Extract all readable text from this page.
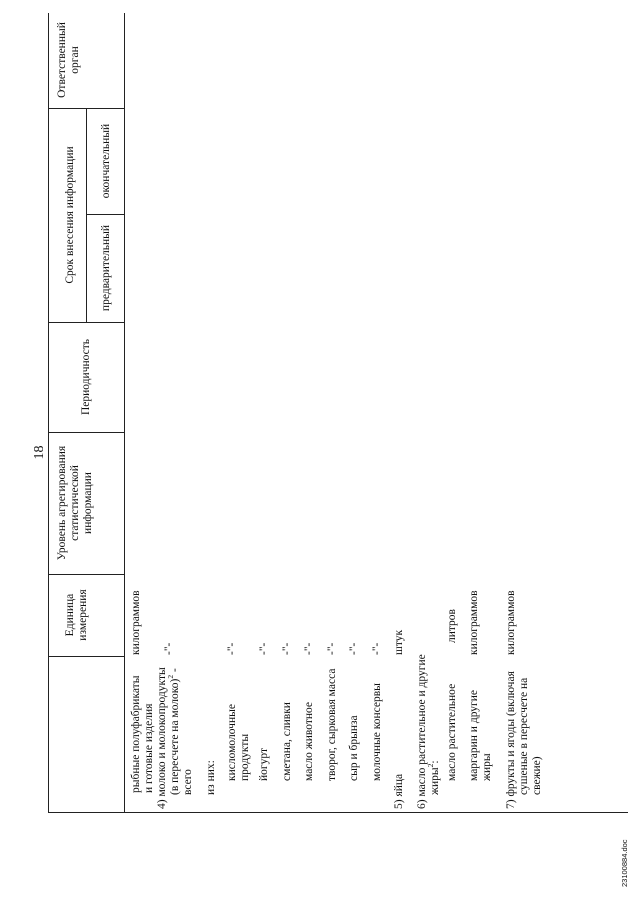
18
Единица измерения
Уровень агрегирования статистической информации
Периодичность
Срок внесения информации предварительный
окончательный
Ответственный орган
рыбные полуфабрикаты
и готовые изделия
килограммов
4) молоко и молокопродукты
(в пересчете на молоко)$^2$ -
всего
-"-
из них: кисломолочные
продукты
-"-
йогурт
-"-
сметана, сливки
-"-
масло животное
-"-
творог, сырковая масса
-"-
сыр и брынза
-"-
молочные консервы
-"-
5) яйца
штук
6) масло растительное и другие
жиры$^2$: масло растительное
литров
маргарин и другие
жиры
килограммов
7) фрукты и ягоды (включая
сушеные в пересчете на
свежие)
килограммов
23100884.doc
